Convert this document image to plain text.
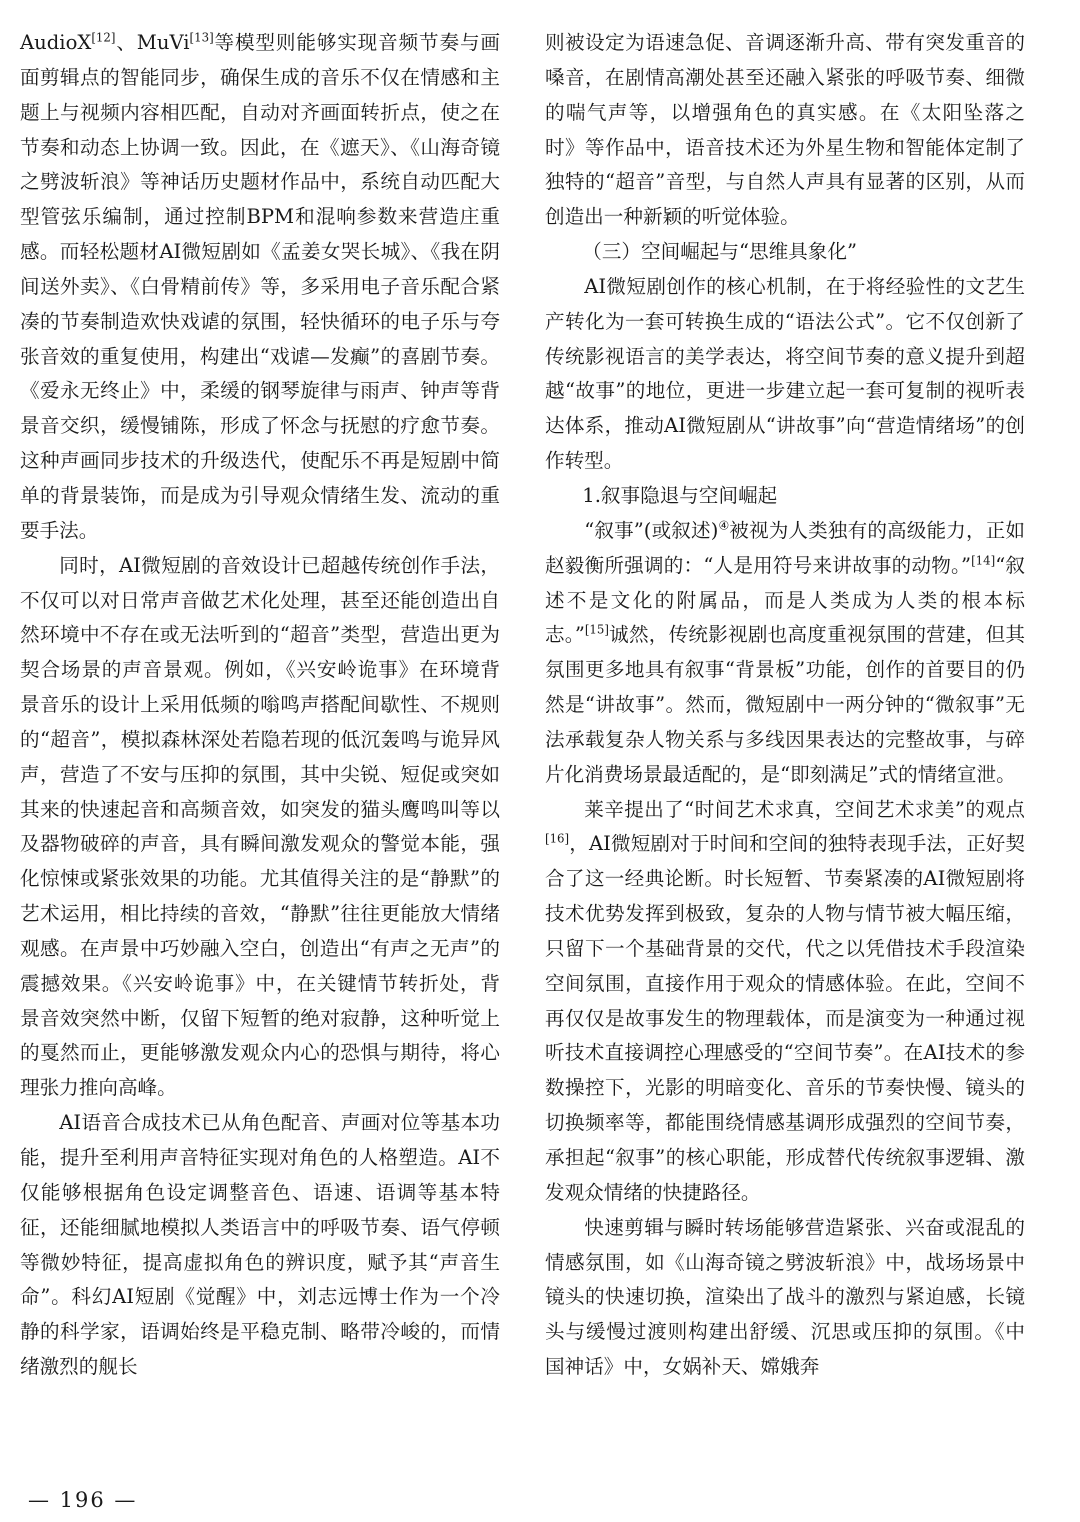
AudioX[12]、MuVi[13]等模型则能够实现音频节奏与画面剪辑点的智能同步，确保生成的音乐不仅在情感和主题上与视频内容相匹配，自动对齐画面转折点，使之在节奏和动态上协调一致。因此，在《遮天》、《山海奇镜之劈波斩浪》等神话历史题材作品中，系统自动匹配大型管弦乐编制，通过控制BPM和混响参数来营造庄重感。而轻松题材AI微短剧如《孟姜女哭长城》、《我在阴间送外卖》、《白骨精前传》等，多采用电子音乐配合紧凑的节奏制造欢快戏谑的氛围，轻快循环的电子乐与夸张音效的重复使用，构建出“戏谑—发癫”的喜剧节奏。《爱永无终止》中，柔缓的钢琴旋律与雨声、钟声等背景音交织，缓慢铺陈，形成了怀念与抚慰的疗愈节奏。这种声画同步技术的升级迭代，使配乐不再是短剧中简单的背景装饰，而是成为引导观众情绪生发、流动的重要手法。

同时，AI微短剧的音效设计已超越传统创作手法，不仅可以对日常声音做艺术化处理，甚至还能创造出自然环境中不存在或无法听到的“超音”类型，营造出更为契合场景的声音景观。例如，《兴安岭诡事》在环境背景音乐的设计上采用低频的嗡鸣声搭配间歇性、不规则的“超音”，模拟森林深处若隐若现的低沉轰鸣与诡异风声，营造了不安与压抑的氛围，其中尖锐、短促或突如其来的快速起音和高频音效，如突发的猫头鹰鸣叫等以及器物破碎的声音，具有瞬间激发观众的警觉本能，强化惊悚或紧张效果的功能。尤其值得关注的是“静默”的艺术运用，相比持续的音效，“静默”往往更能放大情绪观感。在声景中巧妙融入空白，创造出“有声之无声”的震撼效果。《兴安岭诡事》中，在关键情节转折处，背景音效突然中断，仅留下短暂的绝对寂静，这种听觉上的戛然而止，更能够激发观众内心的恐惧与期待，将心理张力推向高峰。

AI语音合成技术已从角色配音、声画对位等基本功能，提升至利用声音特征实现对角色的人格塑造。AI不仅能够根据角色设定调整音色、语速、语调等基本特征，还能细腻地模拟人类语言中的呼吸节奏、语气停顿等微妙特征，提高虚拟角色的辨识度，赋予其“声音生命”。科幻AI短剧《觉醒》中，刘志远博士作为一个冷静的科学家，语调始终是平稳克制、略带冷峻的，而情绪激烈的舰长

则被设定为语速急促、音调逐渐升高、带有突发重音的嗓音，在剧情高潮处甚至还融入紧张的呼吸节奏、细微的喘气声等，以增强角色的真实感。在《太阳坠落之时》等作品中，语音技术还为外星生物和智能体定制了独特的“超音”音型，与自然人声具有显著的区别，从而创造出一种新颖的听觉体验。

（三）空间崛起与“思维具象化”

AI微短剧创作的核心机制，在于将经验性的文艺生产转化为一套可转换生成的“语法公式”。它不仅创新了传统影视语言的美学表达，将空间节奏的意义提升到超越“故事”的地位，更进一步建立起一套可复制的视听表达体系，推动AI微短剧从“讲故事”向“营造情绪场”的创作转型。

1.叙事隐退与空间崛起

“叙事”(或叙述)④被视为人类独有的高级能力，正如赵毅衡所强调的：“人是用符号来讲故事的动物。”[14]“叙述不是文化的附属品，而是人类成为人类的根本标志。”[15]诚然，传统影视剧也高度重视氛围的营建，但其氛围更多地具有叙事“背景板”功能，创作的首要目的仍然是“讲故事”。然而，微短剧中一两分钟的“微叙事”无法承载复杂人物关系与多线因果表达的完整故事，与碎片化消费场景最适配的，是“即刻满足”式的情绪宣泄。

莱辛提出了“时间艺术求真，空间艺术求美”的观点[16]，AI微短剧对于时间和空间的独特表现手法，正好契合了这一经典论断。时长短暂、节奏紧凑的AI微短剧将技术优势发挥到极致，复杂的人物与情节被大幅压缩，只留下一个基础背景的交代，代之以凭借技术手段渲染空间氛围，直接作用于观众的情感体验。在此，空间不再仅仅是故事发生的物理载体，而是演变为一种通过视听技术直接调控心理感受的“空间节奏”。在AI技术的参数操控下，光影的明暗变化、音乐的节奏快慢、镜头的切换频率等，都能围绕情感基调形成强烈的空间节奏，承担起“叙事”的核心职能，形成替代传统叙事逻辑、激发观众情绪的快捷路径。

快速剪辑与瞬时转场能够营造紧张、兴奋或混乱的情感氛围，如《山海奇镜之劈波斩浪》中，战场场景中镜头的快速切换，渲染出了战斗的激烈与紧迫感，长镜头与缓慢过渡则构建出舒缓、沉思或压抑的氛围。《中国神话》中，女娲补天、嫦娥奔

— 196 —
